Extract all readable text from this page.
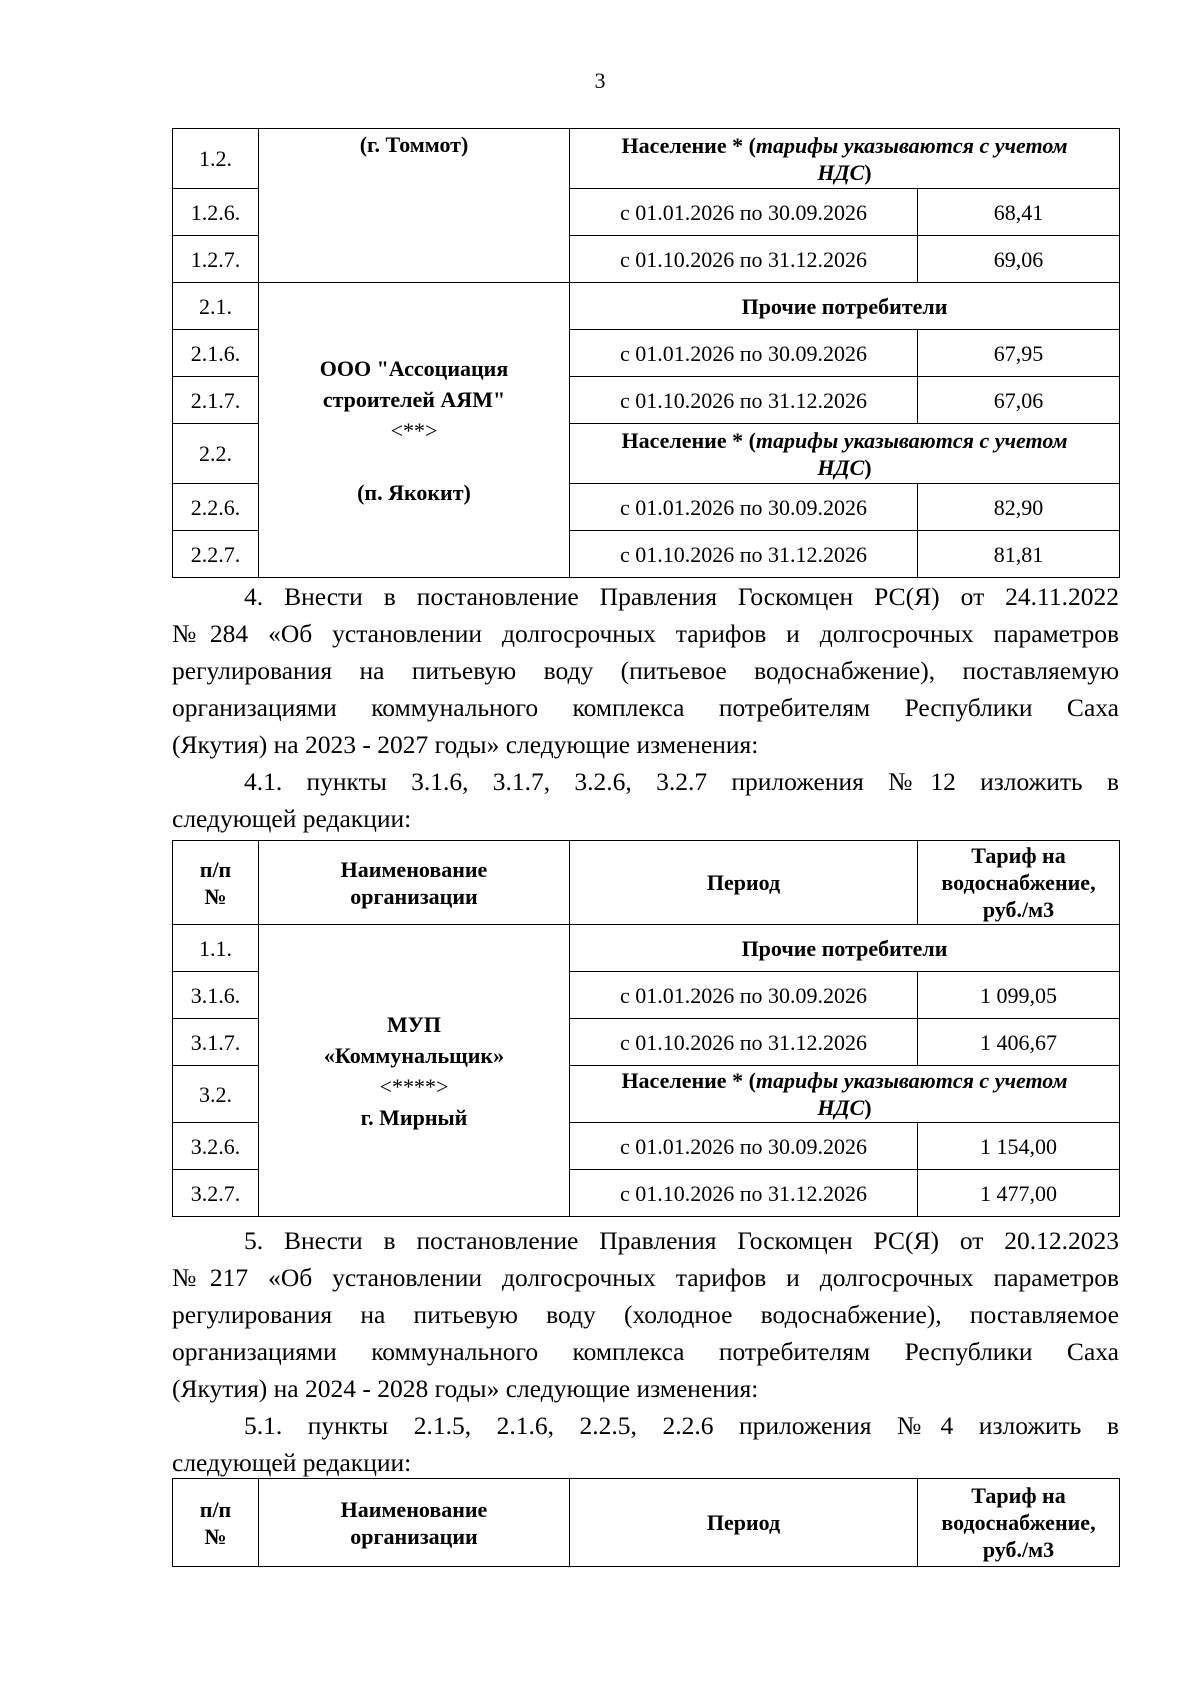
3
1.2.	(г. Томмот)	Население * (тарифы указываются с учетом
НДС)	
1.2.6.		с 01.01.2026 по 30.09.2026	68,41
1.2.7.		с 01.10.2026 по 31.12.2026	69,06
2.1.	ООО "Ассоциация
строителей АЯМ"
<**>
(п. Якокит)	Прочие потребители	
2.1.6.		с 01.01.2026 по 30.09.2026	67,95
2.1.7.		с 01.10.2026 по 31.12.2026	67,06
2.2.		Население * (тарифы указываются с учетом
НДС)	
2.2.6.		с 01.01.2026 по 30.09.2026	82,90
2.2.7.		с 01.10.2026 по 31.12.2026	81,81
4. Внести в постановление Правления Госкомцен РС(Я) от 24.11.2022
№284 «Об установлении долгосрочных тарифов и долгосрочных параметров
регулирования на питьевую воду (питьевое водоснабжение), поставляемую
организациями коммунального комплекса потребителям Республики Саха
(Якутия) на 2023 - 2027 годы» следующие изменения:
4.1. пункты 3.1.6, 3.1.7, 3.2.6, 3.2.7 приложения №12 изложить в
следующей редакции:
п/п
№	Наименование
организации	Период	Тариф на
водоснабжение,
руб./м3
1.1.	МУП
«Коммунальщик»
<****>
г. Мирный	Прочие потребители	
3.1.6.		с 01.01.2026 по 30.09.2026	1 099,05
3.1.7.		с 01.10.2026 по 31.12.2026	1 406,67
3.2.		Население * (тарифы указываются с учетом
НДС)	
3.2.6.		с 01.01.2026 по 30.09.2026	1 154,00
3.2.7.		с 01.10.2026 по 31.12.2026	1 477,00
5. Внести в постановление Правления Госкомцен РС(Я) от 20.12.2023
№217 «Об установлении долгосрочных тарифов и долгосрочных параметров
регулирования на питьевую воду (холодное водоснабжение), поставляемое
организациями коммунального комплекса потребителям Республики Саха
(Якутия) на 2024 - 2028 годы» следующие изменения:
5.1. пункты 2.1.5, 2.1.6, 2.2.5, 2.2.6 приложения №4 изложить в
следующей редакции:
п/п
№	Наименование
организации	Период	Тариф на
водоснабжение,
руб./м3
